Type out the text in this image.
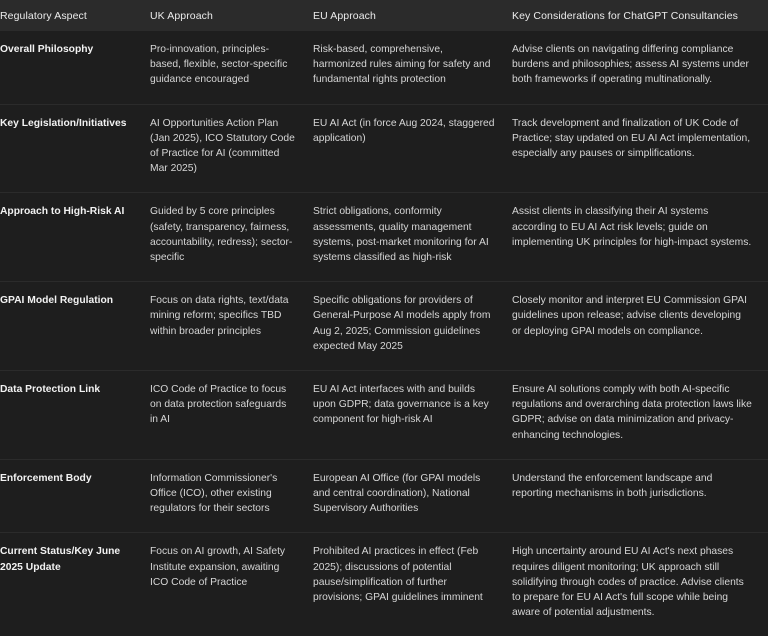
Regulatory Aspect	UK Approach	EU Approach	Key Considerations for ChatGPT Consultancies
Overall Philosophy	Pro-innovation, principles-based, flexible, sector-specific guidance encouraged	Risk-based, comprehensive, harmonized rules aiming for safety and fundamental rights protection	Advise clients on navigating differing compliance burdens and philosophies; assess AI systems under both frameworks if operating multinationally.
Key Legislation/Initiatives	AI Opportunities Action Plan (Jan 2025), ICO Statutory Code of Practice for AI (committed Mar 2025)	EU AI Act (in force Aug 2024, staggered application)	Track development and finalization of UK Code of Practice; stay updated on EU AI Act implementation, especially any pauses or simplifications.
Approach to High-Risk AI	Guided by 5 core principles (safety, transparency, fairness, accountability, redress); sector-specific	Strict obligations, conformity assessments, quality management systems, post-market monitoring for AI systems classified as high-risk	Assist clients in classifying their AI systems according to EU AI Act risk levels; guide on implementing UK principles for high-impact systems.
GPAI Model Regulation	Focus on data rights, text/data mining reform; specifics TBD within broader principles	Specific obligations for providers of General-Purpose AI models apply from Aug 2, 2025; Commission guidelines expected May 2025	Closely monitor and interpret EU Commission GPAI guidelines upon release; advise clients developing or deploying GPAI models on compliance.
Data Protection Link	ICO Code of Practice to focus on data protection safeguards in AI	EU AI Act interfaces with and builds upon GDPR; data governance is a key component for high-risk AI	Ensure AI solutions comply with both AI-specific regulations and overarching data protection laws like GDPR; advise on data minimization and privacy-enhancing technologies.
Enforcement Body	Information Commissioner's Office (ICO), other existing regulators for their sectors	European AI Office (for GPAI models and central coordination), National Supervisory Authorities	Understand the enforcement landscape and reporting mechanisms in both jurisdictions.
Current Status/Key June 2025 Update	Focus on AI growth, AI Safety Institute expansion, awaiting ICO Code of Practice	Prohibited AI practices in effect (Feb 2025); discussions of potential pause/simplification of further provisions; GPAI guidelines imminent	High uncertainty around EU AI Act's next phases requires diligent monitoring; UK approach still solidifying through codes of practice. Advise clients to prepare for EU AI Act's full scope while being aware of potential adjustments.
